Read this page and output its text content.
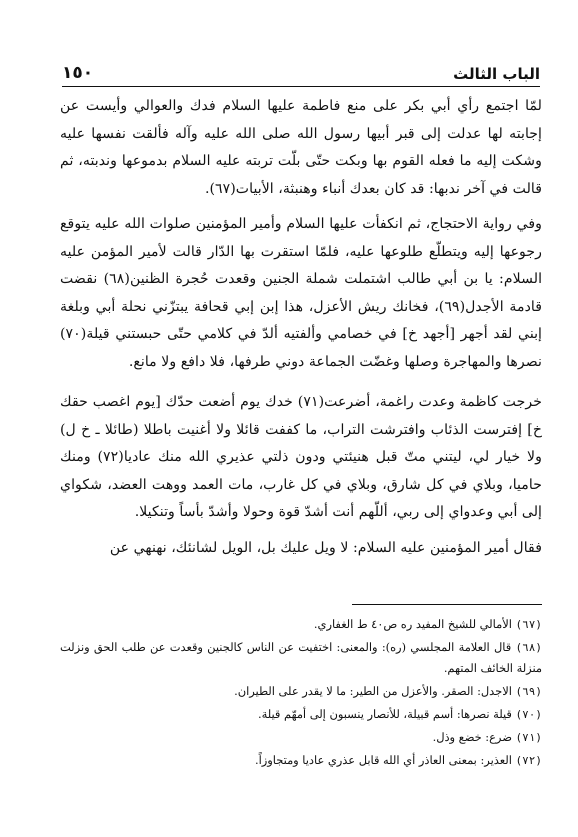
الباب الثالث
١٥٠

لمّا اجتمع رأي أبي بكر على منع فاطمة عليها السلام فدك والعوالي وأيست عن إجابته لها عدلت إلى قبر أبيها رسول الله صلى الله عليه وآله فألقت نفسها عليه وشكت إليه ما فعله القوم بها وبكت حتّى بلّت تربته عليه السلام بدموعها وندبته، ثم قالت في آخر ندبها: قد كان بعدك أنباء وهنبثة، الأبيات(٦٧).

وفي رواية الاحتجاج، ثم انكفأت عليها السلام وأمير المؤمنين صلوات الله عليه يتوقع رجوعها إليه ويتطلّع طلوعها عليه، فلمّا استقرت بها الدّار قالت لأمير المؤمن عليه السلام: يا بن أبي طالب اشتملت شملة الجنين وقعدت حُجرة الظنين(٦٨) نقضت قادمة الأجدل(٦٩)، فخانك ريش الأعزل، هذا إبن إبي قحافة يبتزّني نحلة أبي وبلغة إبني لقد أجهر [أجهد خ] في خصامي وألفتيه ألدّ في كلامي حتّى حبستني قيلة(٧٠) نصرها والمهاجرة وصلها وغضّت الجماعة دوني طرفها، فلا دافع ولا مانع.

خرجت كاظمة وعدت راغمة، أضرعت(٧١) خدك يوم أضعت حدّك [يوم اغصب حقك خ] إفترست الذئاب وافترشت التراب، ما كففت قائلا ولا أغنيت باطلا (طائلا ـ خ ل) ولا خيار لي، ليتني متّ قبل هنيئتي ودون ذلتي عذيري الله منك عاديا(٧٢) ومنك حاميا، وبلاي في كل شارق، وبلاي في كل غارب، مات العمد ووهت العضد، شكواي إلى أبي وعدواي إلى ربي، أللّهم أنت أشدّ قوة وحولا وأشدّ بأساً وتنكيلا.

فقال أمير المؤمنين عليه السلام: لا ويل عليك بل، الويل لشانئك، نهنهي عن

(٦٧) الأمالي للشيخ المفيد ره ص٤٠ ط الغفاري.
(٦٨) قال العلامة المجلسي (ره): والمعنى: اختفيت عن الناس كالجنين وقعدت عن طلب الحق ونزلت منزلة الخائف المتهم.
(٦٩) الاجدل: الصقر. والأعزل من الطير: ما لا يقدر على الطيران.
(٧٠) قيلة نصرها: أسم قبيلة، للأنصار ينسبون إلى أمهّم قيلة.
(٧١) ضرع: خضع وذل.
(٧٢) العذير: بمعنى العاذر أي الله قابل عذري عاديا ومتجاوزاً.
